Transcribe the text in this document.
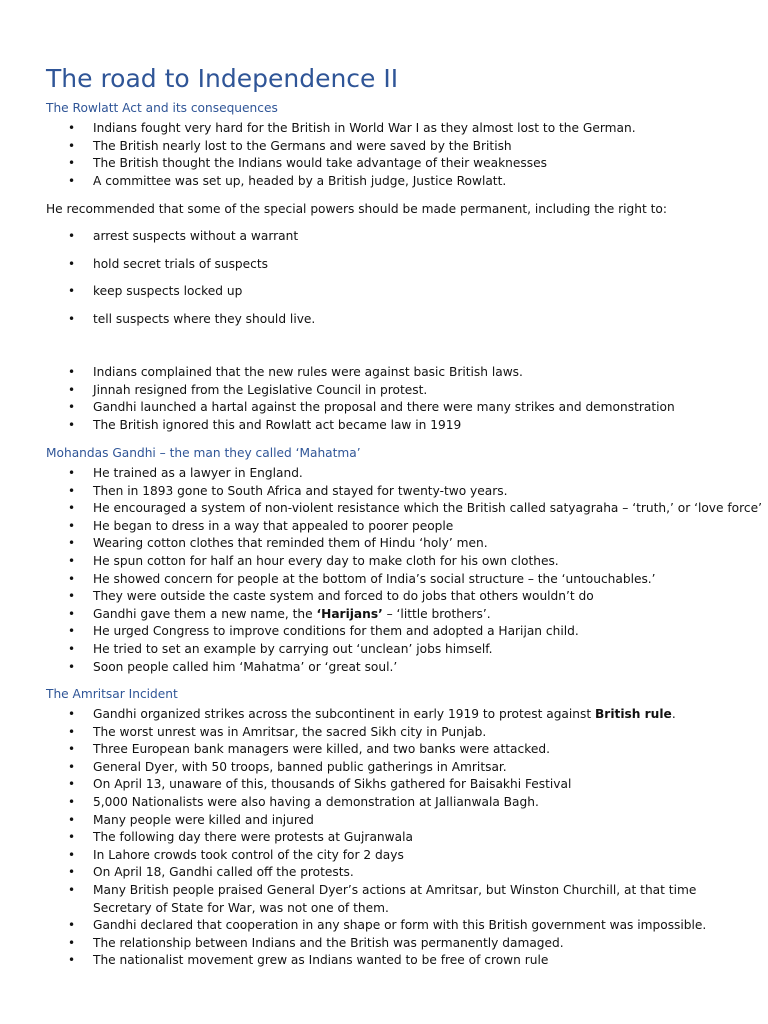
The road to Independence II
The Rowlatt Act and its consequences
• Indians fought very hard for the British in World War I as they almost lost to the German.
• The British nearly lost to the Germans and were saved by the British
• The British thought the Indians would take advantage of their weaknesses
• A committee was set up, headed by a British judge, Justice Rowlatt.

He recommended that some of the special powers should be made permanent, including the right to:

• arrest suspects without a warrant
• hold secret trials of suspects
• keep suspects locked up
• tell suspects where they should live.
• Indians complained that the new rules were against basic British laws.
• Jinnah resigned from the Legislative Council in protest.
• Gandhi launched a hartal against the proposal and there were many strikes and demonstration
• The British ignored this and Rowlatt act became law in 1919
Mohandas Gandhi – the man they called ‘Mahatma’
• He trained as a lawyer in England.
• Then in 1893 gone to South Africa and stayed for twenty-two years.
• He encouraged a system of non-violent resistance which the British called satyagraha – ‘truth,’ or ‘love force’
• He began to dress in a way that appealed to poorer people
• Wearing cotton clothes that reminded them of Hindu ‘holy’ men.
• He spun cotton for half an hour every day to make cloth for his own clothes.
• He showed concern for people at the bottom of India’s social structure – the ‘untouchables.’
• They were outside the caste system and forced to do jobs that others wouldn’t do
• Gandhi gave them a new name, the ‘Harijans’ – ‘little brothers’.
• He urged Congress to improve conditions for them and adopted a Harijan child.
• He tried to set an example by carrying out ‘unclean’ jobs himself.
• Soon people called him ‘Mahatma’ or ‘great soul.’
The Amritsar Incident
• Gandhi organized strikes across the subcontinent in early 1919 to protest against British rule.
• The worst unrest was in Amritsar, the sacred Sikh city in Punjab.
• Three European bank managers were killed, and two banks were attacked.
• General Dyer, with 50 troops, banned public gatherings in Amritsar.
• On April 13, unaware of this, thousands of Sikhs gathered for Baisakhi Festival
• 5,000 Nationalists were also having a demonstration at Jallianwala Bagh.
• Many people were killed and injured
• The following day there were protests at Gujranwala
• In Lahore crowds took control of the city for 2 days
• On April 18, Gandhi called off the protests.
• Many British people praised General Dyer’s actions at Amritsar, but Winston Churchill, at that time Secretary of State for War, was not one of them.
• Gandhi declared that cooperation in any shape or form with this British government was impossible.
• The relationship between Indians and the British was permanently damaged.
• The nationalist movement grew as Indians wanted to be free of crown rule
